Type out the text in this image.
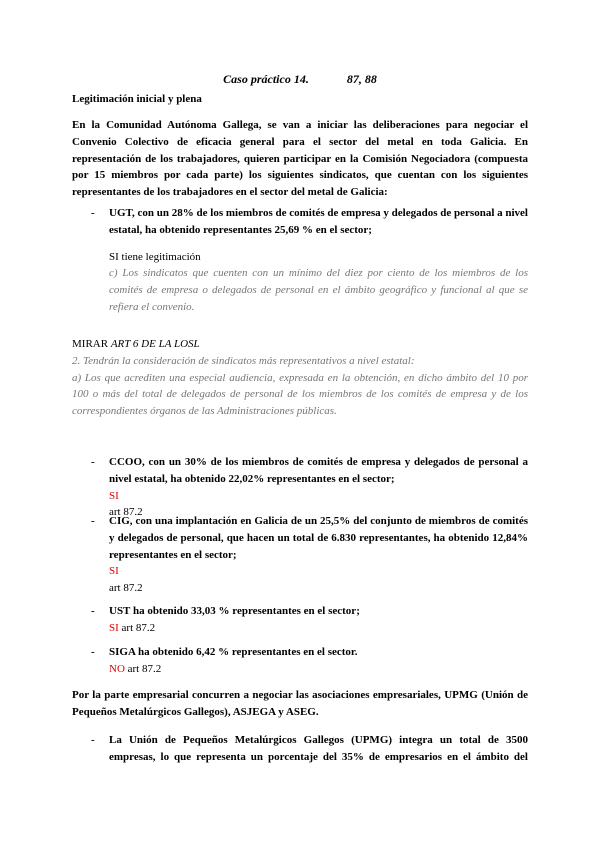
Caso práctico 14.	87, 88
Legitimación inicial y plena
En la Comunidad Autónoma Gallega, se van a iniciar las deliberaciones para negociar el Convenio Colectivo de eficacia general para el sector del metal en toda Galicia. En representación de los trabajadores, quieren participar en la Comisión Negociadora (compuesta por 15 miembros por cada parte) los siguientes sindicatos, que cuentan con los siguientes representantes de los trabajadores en el sector del metal de Galicia:
- UGT, con un 28% de los miembros de comités de empresa y delegados de personal a nivel estatal, ha obtenido representantes 25,69 % en el sector;
SI tiene legitimación
c) Los sindicatos que cuenten con un mínimo del diez por ciento de los miembros de los comités de empresa o delegados de personal en el ámbito geográfico y funcional al que se refiera el convenio.
MIRAR ART 6 DE LA LOSL
2. Tendrán la consideración de sindicatos más representativos a nivel estatal:
a) Los que acrediten una especial audiencia, expresada en la obtención, en dicho ámbito del 10 por 100 o más del total de delegados de personal de los miembros de los comités de empresa y de los correspondientes órganos de las Administraciones públicas.
- CCOO, con un 30% de los miembros de comités de empresa y delegados de personal a nivel estatal, ha obtenido 22,02% representantes en el sector;
SI
art 87.2
- CIG, con una implantación en Galicia de un 25,5% del conjunto de miembros de comités y delegados de personal, que hacen un total de 6.830 representantes, ha obtenido 12,84% representantes en el sector;
SI
art 87.2
- UST ha obtenido 33,03 % representantes en el sector;
SI art 87.2
- SIGA ha obtenido 6,42 % representantes en el sector.
NO art 87.2
Por la parte empresarial concurren a negociar las asociaciones empresariales, UPMG (Unión de Pequeños Metalúrgicos Gallegos), ASJEGA y ASEG.
- La Unión de Pequeños Metalúrgicos Gallegos (UPMG) integra un total de 3500 empresas, lo que representa un porcentaje del 35% de empresarios en el ámbito del
